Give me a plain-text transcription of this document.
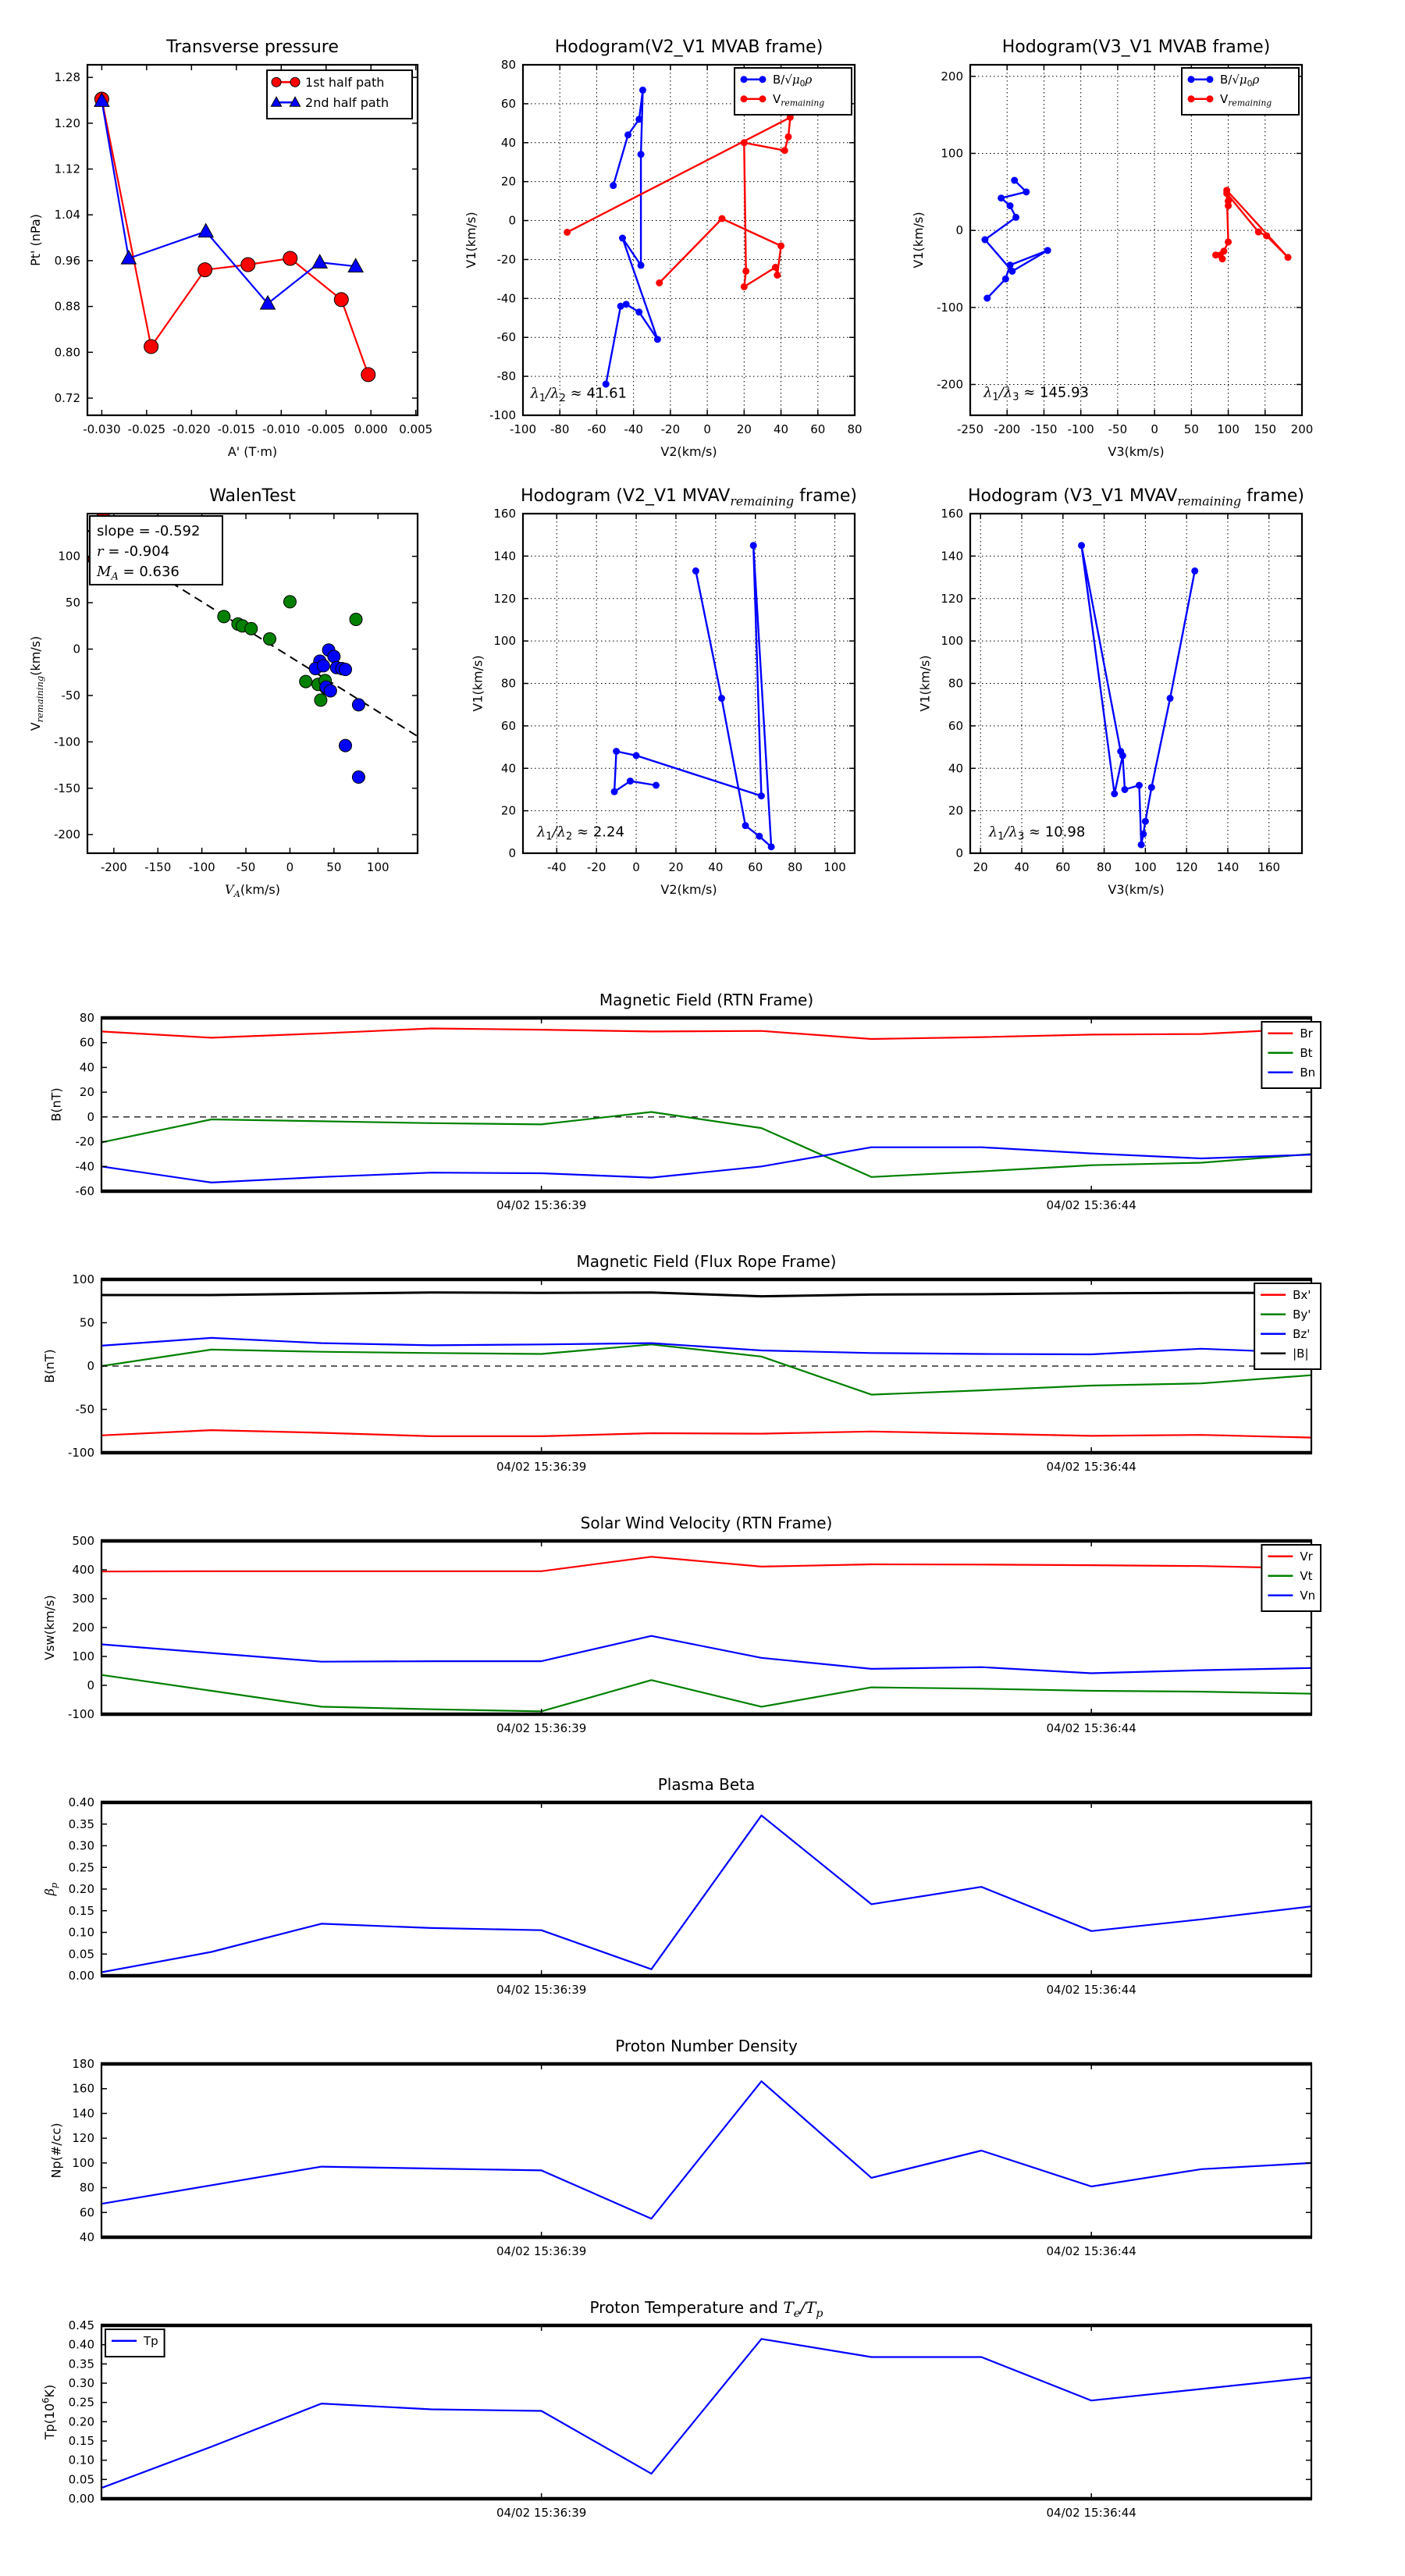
-0.030 -0.025 -0.020 -0.015 -0.010 -0.005 0.000 0.005
0.72
0.80
0.88
0.96
1.04
1.12
1.20
1.28
A' (T·m)
Pt' (nPa)
Transverse pressure
1st half path
2nd half path
-100 -80 -60 -40 -20 0 20 40 60 80
-100
-80
-60
-40
-20
0
20
40
60
80
V2(km/s)
V1(km/s)
Hodogram(V2_V1 MVAB frame)
$\lambda_1/\lambda_2 \approx 41.61$
$B/√\mu_0\rho$
$V_{remaining}$
-250 -200 -150 -100 -50 0 50 100 150 200
-200
-100
0
100
200
V3(km/s)
V1(km/s)
Hodogram(V3_V1 MVAB frame)
$\lambda_1/\lambda_3 \approx 145.93$
$B/√\mu_0\rho$
$V_{remaining}$
-200 -150 -100 -50	0	50 100
-200
-150
-100
-50
0
50
100
$V_A(km/s)$
$V_{remaining}(km/s)$
WalenTest
slope = -0.592
r = -0.904
$M_A = 0.636$
-40 -20 0 20 40 60 80 100
0
20
40
60
80
100
120
140
160
V2(km/s)
V1(km/s)
Hodogram (V2_V1 $MVAV_{remaining}$ frame)
$\lambda_1/\lambda_2 \approx 2.24$
20 40 60 80 100 120 140 160
0
20
40
60
80
100
120
140
160
V3(km/s)
V1(km/s)
Hodogram (V3_V1 $MVAV_{remaining}$ frame)
$\lambda_1/\lambda_3 \approx 10.98$
04/02 15:36:39	04/02 15:36:44
-60
-40
-20
0
20
40
60
80
B(nT)
Magnetic Field (RTN Frame)
Br
Bt
Bn
04/02 15:36:39	04/02 15:36:44
-100
-50
0
50
100
B(nT)
Magnetic Field (Flux Rope Frame)
Bx'
By'
Bz'
|B|
04/02 15:36:39	04/02 15:36:44
-100
0
100
200
300
400
500
Vsw(km/s)
Solar Wind Velocity (RTN Frame)
Vr
Vt
Vn
04/02 15:36:39	04/02 15:36:44
0.00
0.05
0.10
0.15
0.20
0.25
0.30
0.35
0.40
$\beta_p$
Plasma Beta
04/02 15:36:39	04/02 15:36:44
40
60
80
100
120
140
160
180
Np(#/cc)
Proton Number Density
04/02 15:36:39	04/02 15:36:44
0.00
0.05
0.10
0.15
0.20
0.25
0.30
0.35
0.40
0.45
$Tp(10^6K)$
Proton Temperature and $T_e/T_p$
Tp
